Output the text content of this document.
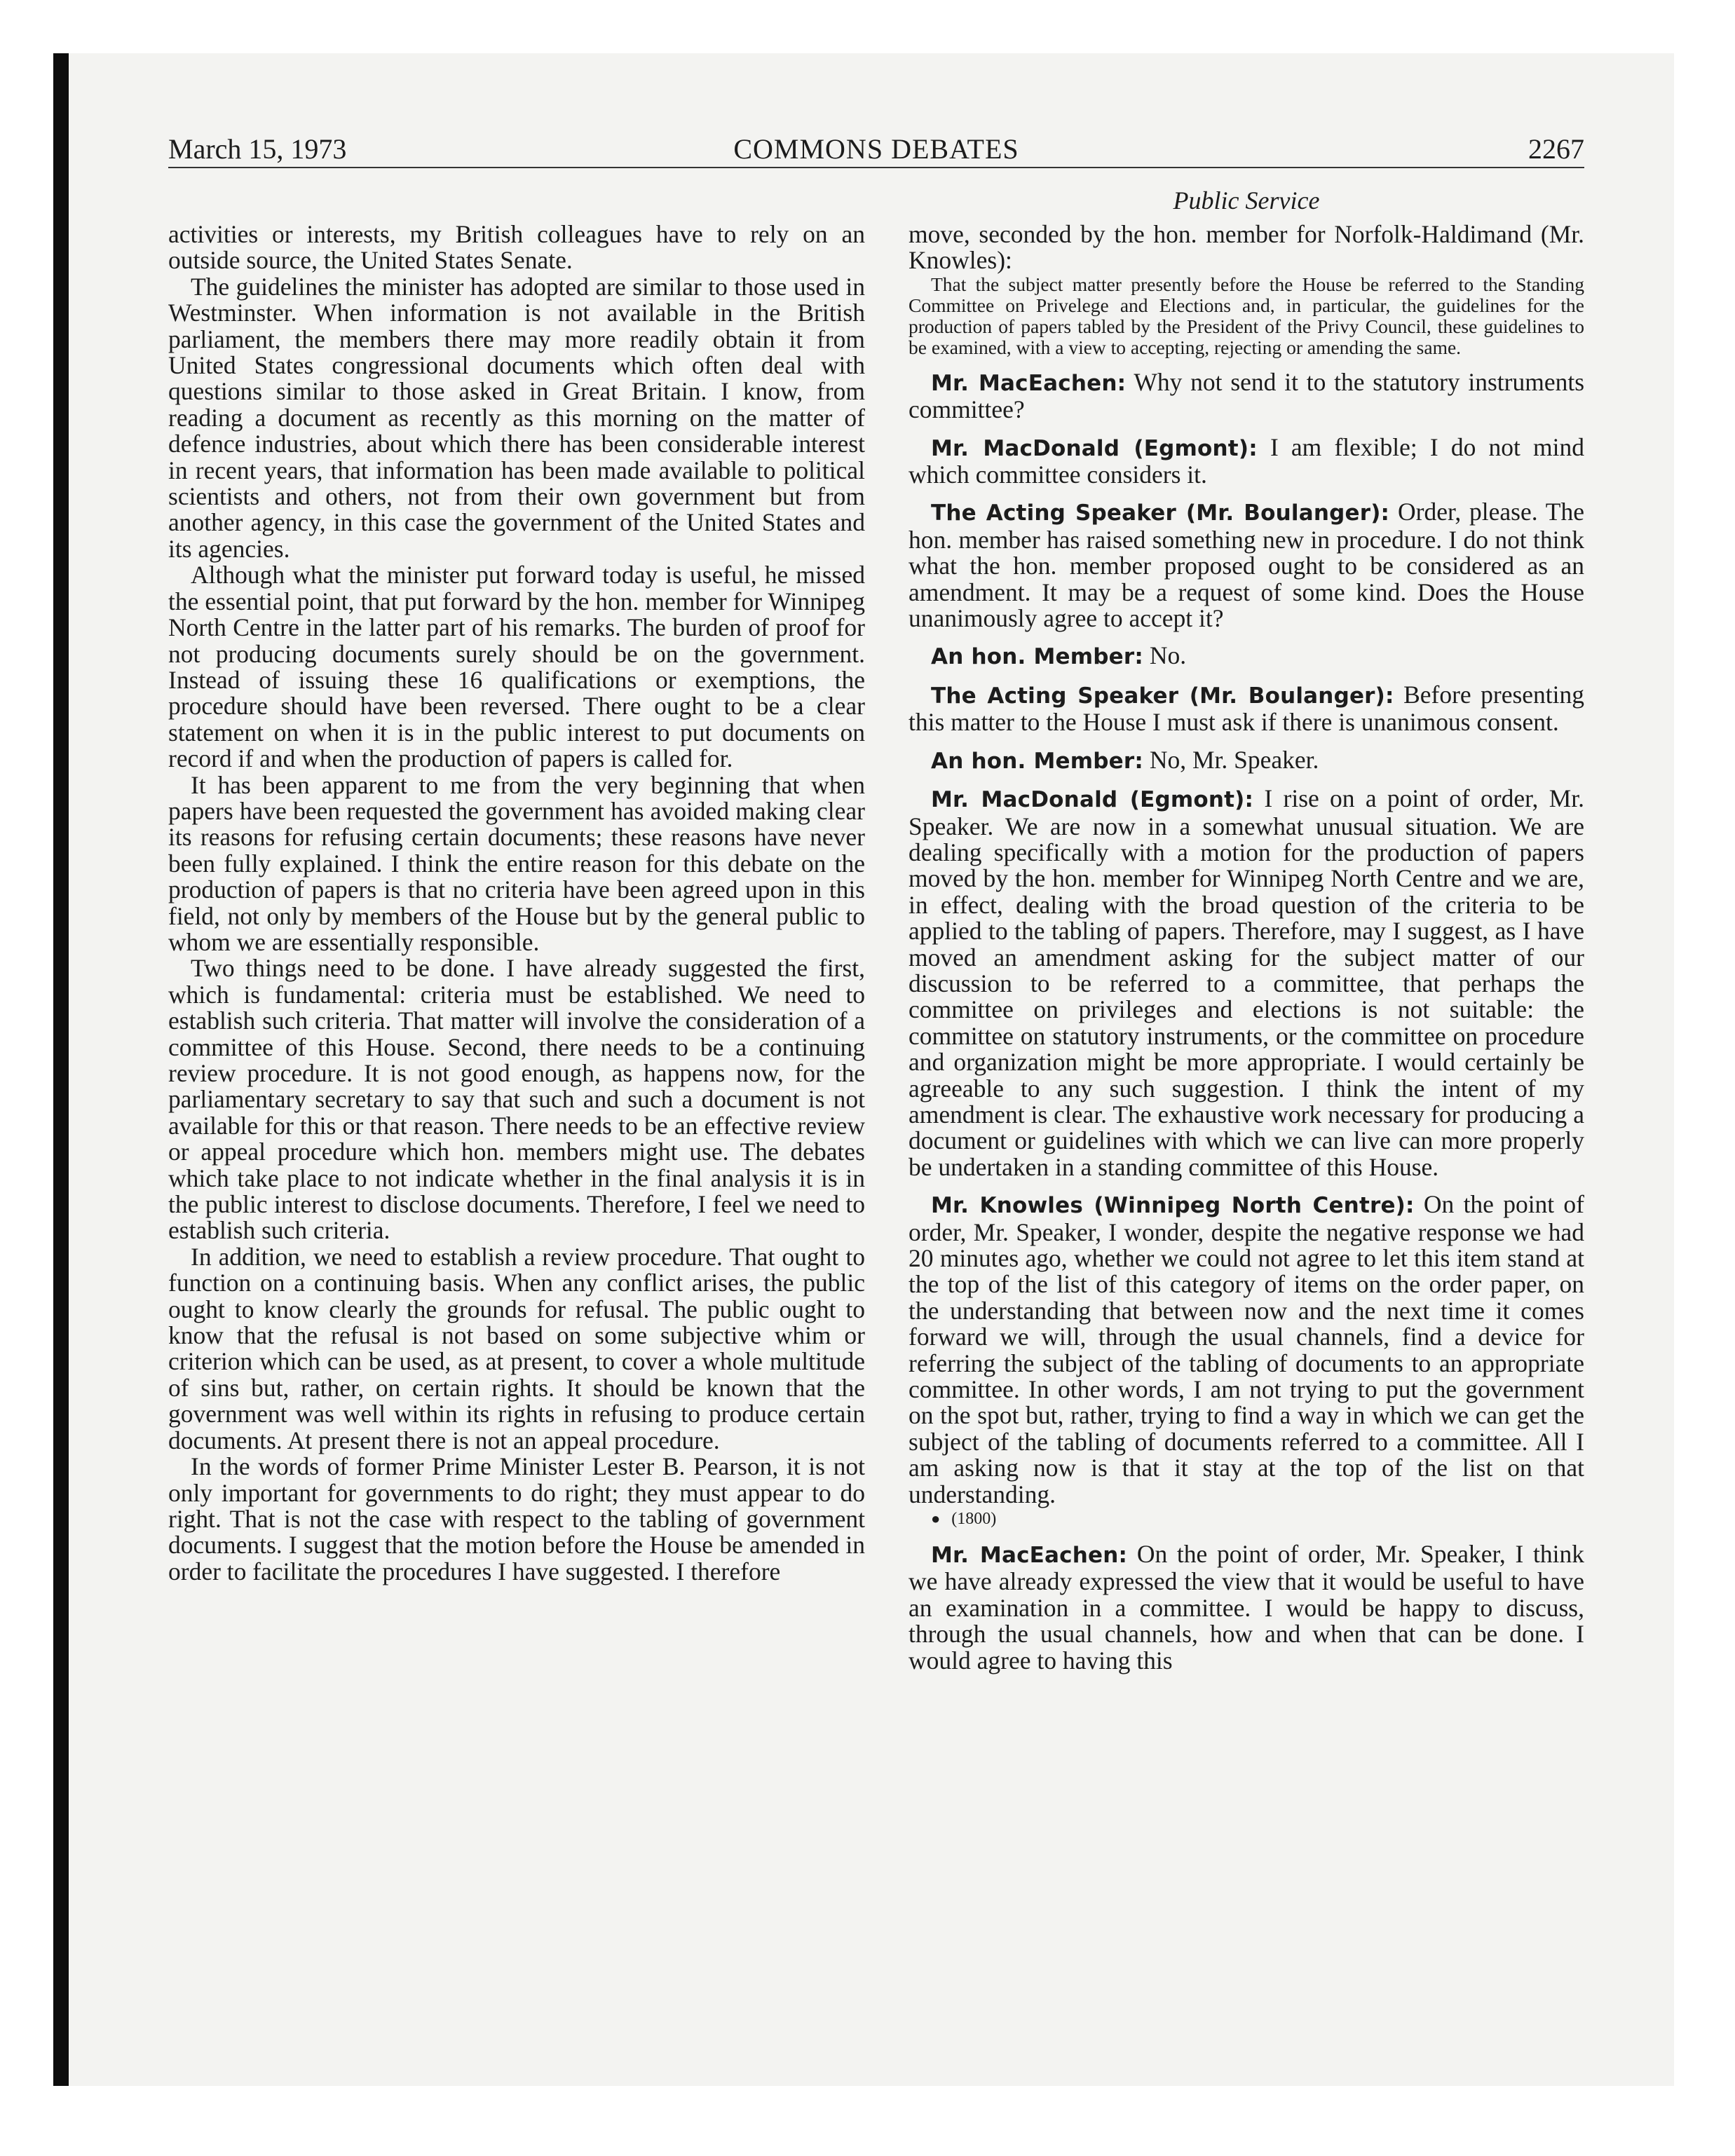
March 15, 1973	COMMONS DEBATES	2267
Public Service

activities or interests, my British colleagues have to rely on an outside source, the United States Senate.

The guidelines the minister has adopted are similar to those used in Westminster. When information is not available in the British parliament, the members there may more readily obtain it from United States congressional documents which often deal with questions similar to those asked in Great Britain. I know, from reading a document as recently as this morning on the matter of defence industries, about which there has been considerable interest in recent years, that information has been made available to political scientists and others, not from their own government but from another agency, in this case the government of the United States and its agencies.

Although what the minister put forward today is useful, he missed the essential point, that put forward by the hon. member for Winnipeg North Centre in the latter part of his remarks. The burden of proof for not producing documents surely should be on the government. Instead of issuing these 16 qualifications or exemptions, the procedure should have been reversed. There ought to be a clear statement on when it is in the public interest to put documents on record if and when the production of papers is called for.

It has been apparent to me from the very beginning that when papers have been requested the government has avoided making clear its reasons for refusing certain documents; these reasons have never been fully explained. I think the entire reason for this debate on the production of papers is that no criteria have been agreed upon in this field, not only by members of the House but by the general public to whom we are essentially responsible.

Two things need to be done. I have already suggested the first, which is fundamental: criteria must be established. We need to establish such criteria. That matter will involve the consideration of a committee of this House. Second, there needs to be a continuing review procedure. It is not good enough, as happens now, for the parliamentary secretary to say that such and such a document is not available for this or that reason. There needs to be an effective review or appeal procedure which hon. members might use. The debates which take place to not indicate whether in the final analysis it is in the public interest to disclose documents. Therefore, I feel we need to establish such criteria.

In addition, we need to establish a review procedure. That ought to function on a continuing basis. When any conflict arises, the public ought to know clearly the grounds for refusal. The public ought to know that the refusal is not based on some subjective whim or criterion which can be used, as at present, to cover a whole multitude of sins but, rather, on certain rights. It should be known that the government was well within its rights in refusing to produce certain documents. At present there is not an appeal procedure.

In the words of former Prime Minister Lester B. Pearson, it is not only important for governments to do right; they must appear to do right. That is not the case with respect to the tabling of government documents. I suggest that the motion before the House be amended in order to facilitate the procedures I have suggested. I therefore

move, seconded by the hon. member for Norfolk-Haldimand (Mr. Knowles):

That the subject matter presently before the House be referred to the Standing Committee on Privelege and Elections and, in particular, the guidelines for the production of papers tabled by the President of the Privy Council, these guidelines to be examined, with a view to accepting, rejecting or amending the same.

Mr. MacEachen: Why not send it to the statutory instruments committee?

Mr. MacDonald (Egmont): I am flexible; I do not mind which committee considers it.

The Acting Speaker (Mr. Boulanger): Order, please. The hon. member has raised something new in procedure. I do not think what the hon. member proposed ought to be considered as an amendment. It may be a request of some kind. Does the House unanimously agree to accept it?

An hon. Member: No.

The Acting Speaker (Mr. Boulanger): Before presenting this matter to the House I must ask if there is unanimous consent.

An hon. Member: No, Mr. Speaker.

Mr. MacDonald (Egmont): I rise on a point of order, Mr. Speaker. We are now in a somewhat unusual situation. We are dealing specifically with a motion for the production of papers moved by the hon. member for Winnipeg North Centre and we are, in effect, dealing with the broad question of the criteria to be applied to the tabling of papers. Therefore, may I suggest, as I have moved an amendment asking for the subject matter of our discussion to be referred to a committee, that perhaps the committee on privileges and elections is not suitable: the committee on statutory instruments, or the committee on procedure and organization might be more appropriate. I would certainly be agreeable to any such suggestion. I think the intent of my amendment is clear. The exhaustive work necessary for producing a document or guidelines with which we can live can more properly be undertaken in a standing committee of this House.

Mr. Knowles (Winnipeg North Centre): On the point of order, Mr. Speaker, I wonder, despite the negative response we had 20 minutes ago, whether we could not agree to let this item stand at the top of the list of this category of items on the order paper, on the understanding that between now and the next time it comes forward we will, through the usual channels, find a device for referring the subject of the tabling of documents to an appropriate committee. In other words, I am not trying to put the government on the spot but, rather, trying to find a way in which we can get the subject of the tabling of documents referred to a committee. All I am asking now is that it stay at the top of the list on that understanding.

● (1800)

Mr. MacEachen: On the point of order, Mr. Speaker, I think we have already expressed the view that it would be useful to have an examination in a committee. I would be happy to discuss, through the usual channels, how and when that can be done. I would agree to having this
